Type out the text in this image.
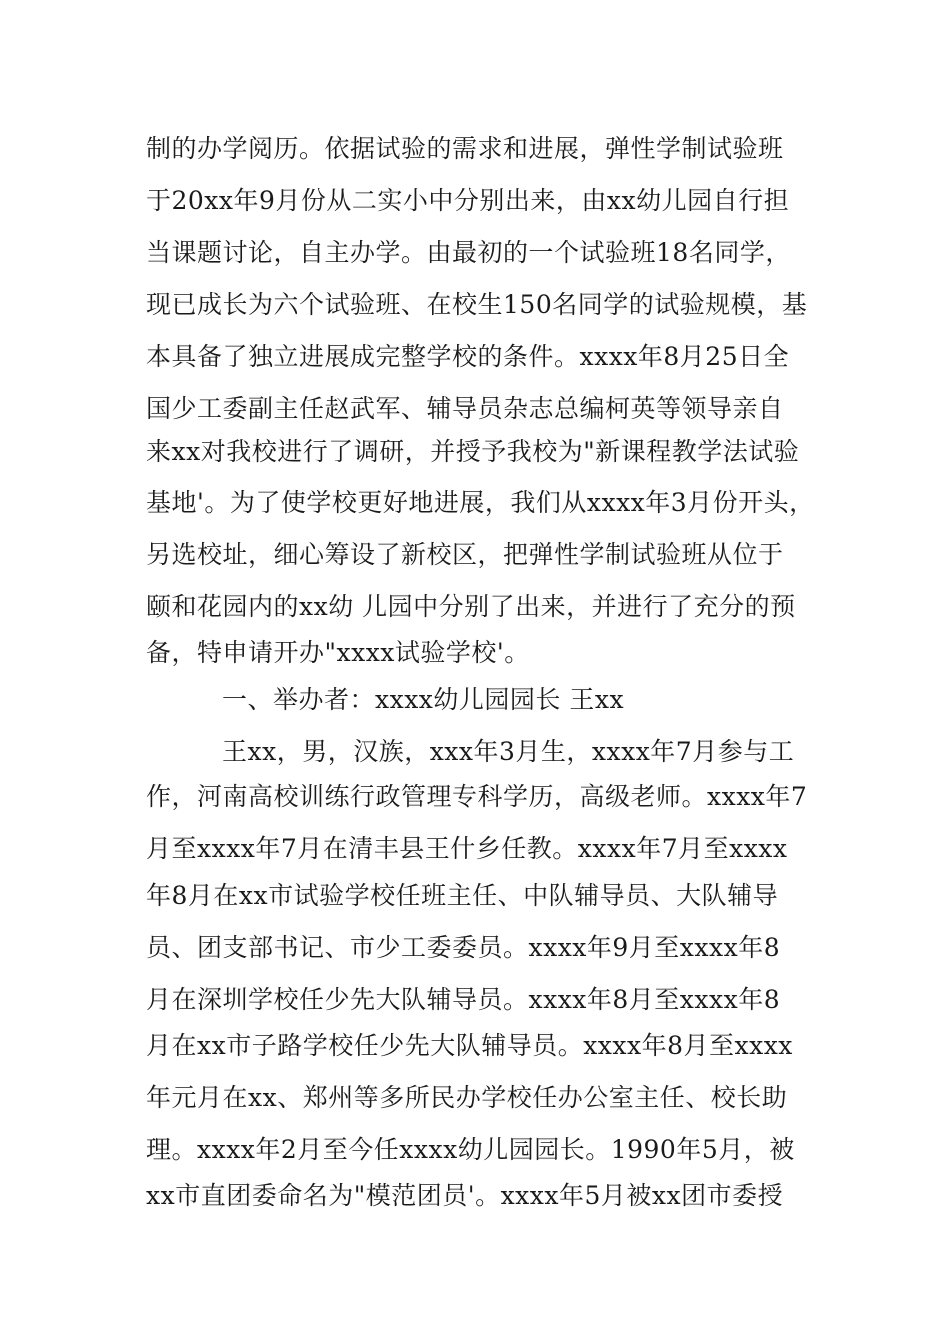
制的办学阅历。依据试验的需求和进展，弹性学制试验班
于20xx年9月份从二实小中分别出来，由xx幼儿园自行担
当课题讨论，自主办学。由最初的一个试验班18名同学，
现已成长为六个试验班、在校生150名同学的试验规模，基
本具备了独立进展成完整学校的条件。xxxx年8月25日全
国少工委副主任赵武军、辅导员杂志总编柯英等领导亲自
来xx对我校进行了调研，并授予我校为"新课程教学法试验
基地'。为了使学校更好地进展，我们从xxxx年3月份开头，
另选校址，细心筹设了新校区，把弹性学制试验班从位于
颐和花园内的xx幼 儿园中分别了出来，并进行了充分的预
备，特申请开办"xxxx试验学校'。
一、举办者：xxxx幼儿园园长 王xx
王xx，男，汉族，xxx年3月生，xxxx年7月参与工
作，河南高校训练行政管理专科学历，高级老师。xxxx年7
月至xxxx年7月在清丰县王什乡任教。xxxx年7月至xxxx
年8月在xx市试验学校任班主任、中队辅导员、大队辅导
员、团支部书记、市少工委委员。xxxx年9月至xxxx年8
月在深圳学校任少先大队辅导员。xxxx年8月至xxxx年8
月在xx市子路学校任少先大队辅导员。xxxx年8月至xxxx
年元月在xx、郑州等多所民办学校任办公室主任、校长助
理。xxxx年2月至今任xxxx幼儿园园长。1990年5月，被
xx市直团委命名为"模范团员'。xxxx年5月被xx团市委授
